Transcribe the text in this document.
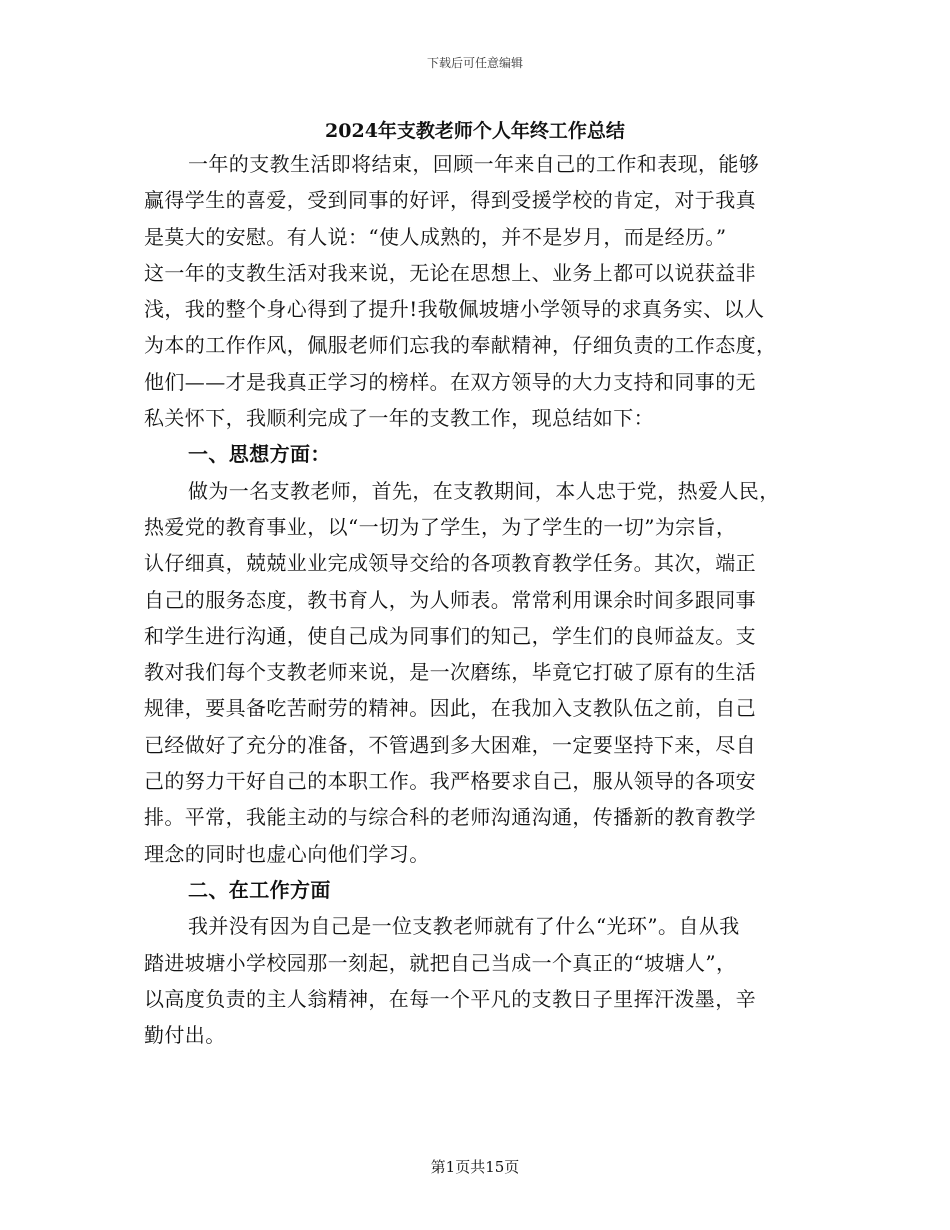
下载后可任意编辑
2024年支教老师个人年终工作总结
一年的支教生活即将结束，回顾一年来自己的工作和表现，能够
赢得学生的喜爱，受到同事的好评，得到受援学校的肯定，对于我真
是莫大的安慰。有人说：“使人成熟的，并不是岁月，而是经历。”
这一年的支教生活对我来说，无论在思想上、业务上都可以说获益非
浅，我的整个身心得到了提升!我敬佩坡塘小学领导的求真务实、以人
为本的工作作风，佩服老师们忘我的奉献精神，仔细负责的工作态度，
他们——才是我真正学习的榜样。在双方领导的大力支持和同事的无
私关怀下，我顺利完成了一年的支教工作，现总结如下：
一、思想方面：
做为一名支教老师，首先，在支教期间，本人忠于党，热爱人民，
热爱党的教育事业，以“一切为了学生，为了学生的一切”为宗旨，
认仔细真，兢兢业业完成领导交给的各项教育教学任务。其次，端正
自己的服务态度，教书育人，为人师表。常常利用课余时间多跟同事
和学生进行沟通，使自己成为同事们的知己，学生们的良师益友。支
教对我们每个支教老师来说，是一次磨练，毕竟它打破了原有的生活
规律，要具备吃苦耐劳的精神。因此，在我加入支教队伍之前，自己
已经做好了充分的准备，不管遇到多大困难，一定要坚持下来，尽自
己的努力干好自己的本职工作。我严格要求自己，服从领导的各项安
排。平常，我能主动的与综合科的老师沟通沟通，传播新的教育教学
理念的同时也虚心向他们学习。
二、在工作方面
我并没有因为自己是一位支教老师就有了什么“光环”。自从我
踏进坡塘小学校园那一刻起，就把自己当成一个真正的“坡塘人”，
以高度负责的主人翁精神，在每一个平凡的支教日子里挥汗泼墨，辛
勤付出。
第1页共15页
